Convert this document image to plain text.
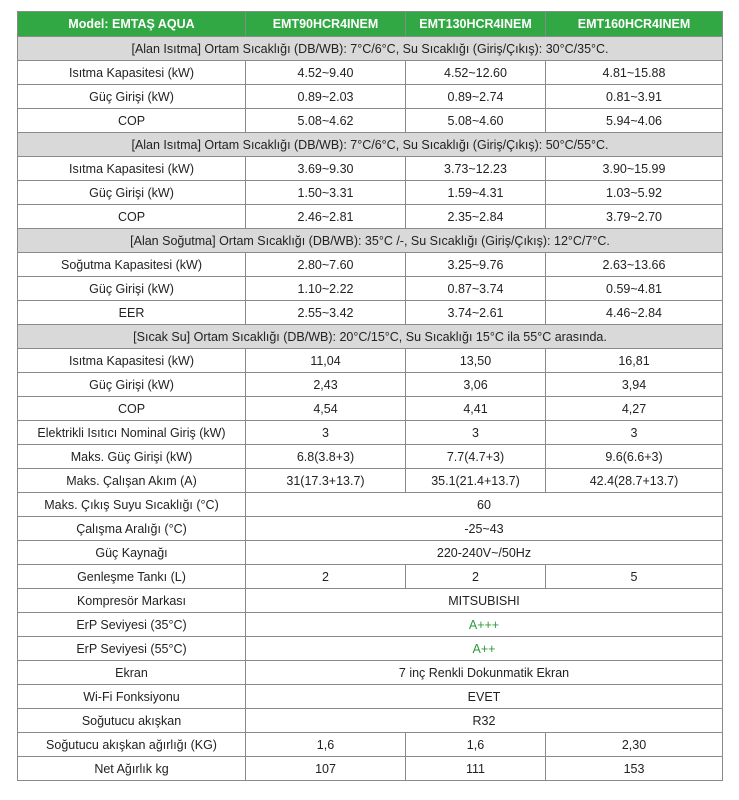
Model: EMTAŞ AQUA	EMT90HCR4INEM	EMT130HCR4INEM	EMT160HCR4INEM
[Alan Isıtma] Ortam Sıcaklığı (DB/WB): 7°C/6°C, Su Sıcaklığı (Giriş/Çıkış): 30°C/35°C.			
Isıtma Kapasitesi (kW)	4.52~9.40	4.52~12.60	4.81~15.88
Güç Girişi (kW)	0.89~2.03	0.89~2.74	0.81~3.91
COP	5.08~4.62	5.08~4.60	5.94~4.06
[Alan Isıtma] Ortam Sıcaklığı (DB/WB): 7°C/6°C, Su Sıcaklığı (Giriş/Çıkış): 50°C/55°C.			
Isıtma Kapasitesi (kW)	3.69~9.30	3.73~12.23	3.90~15.99
Güç Girişi (kW)	1.50~3.31	1.59~4.31	1.03~5.92
COP	2.46~2.81	2.35~2.84	3.79~2.70
[Alan Soğutma] Ortam Sıcaklığı (DB/WB): 35°C /-, Su Sıcaklığı (Giriş/Çıkış): 12°C/7°C.			
Soğutma Kapasitesi (kW)	2.80~7.60	3.25~9.76	2.63~13.66
Güç Girişi (kW)	1.10~2.22	0.87~3.74	0.59~4.81
EER	2.55~3.42	3.74~2.61	4.46~2.84
[Sıcak Su] Ortam Sıcaklığı (DB/WB): 20°C/15°C, Su Sıcaklığı 15°C ila 55°C arasında.			
Isıtma Kapasitesi (kW)	11,04	13,50	16,81
Güç Girişi (kW)	2,43	3,06	3,94
COP	4,54	4,41	4,27
Elektrikli Isıtıcı Nominal Giriş (kW)	3	3	3
Maks. Güç Girişi (kW)	6.8(3.8+3)	7.7(4.7+3)	9.6(6.6+3)
Maks. Çalışan Akım (A)	31(17.3+13.7)	35.1(21.4+13.7)	42.4(28.7+13.7)
Maks. Çıkış Suyu Sıcaklığı (°C)	60		
Çalışma Aralığı (°C)	-25~43		
Güç Kaynağı	220-240V~/50Hz		
Genleşme Tankı (L)	2	2	5
Kompresör Markası	MITSUBISHI		
ErP Seviyesi (35°C)	A+++		
ErP Seviyesi (55°C)	A++		
Ekran	7 inç Renkli Dokunmatik Ekran		
Wi-Fi Fonksiyonu	EVET		
Soğutucu akışkan	R32		
Soğutucu akışkan ağırlığı (KG)	1,6	1,6	2,30
Net Ağırlık kg	107	111	153
